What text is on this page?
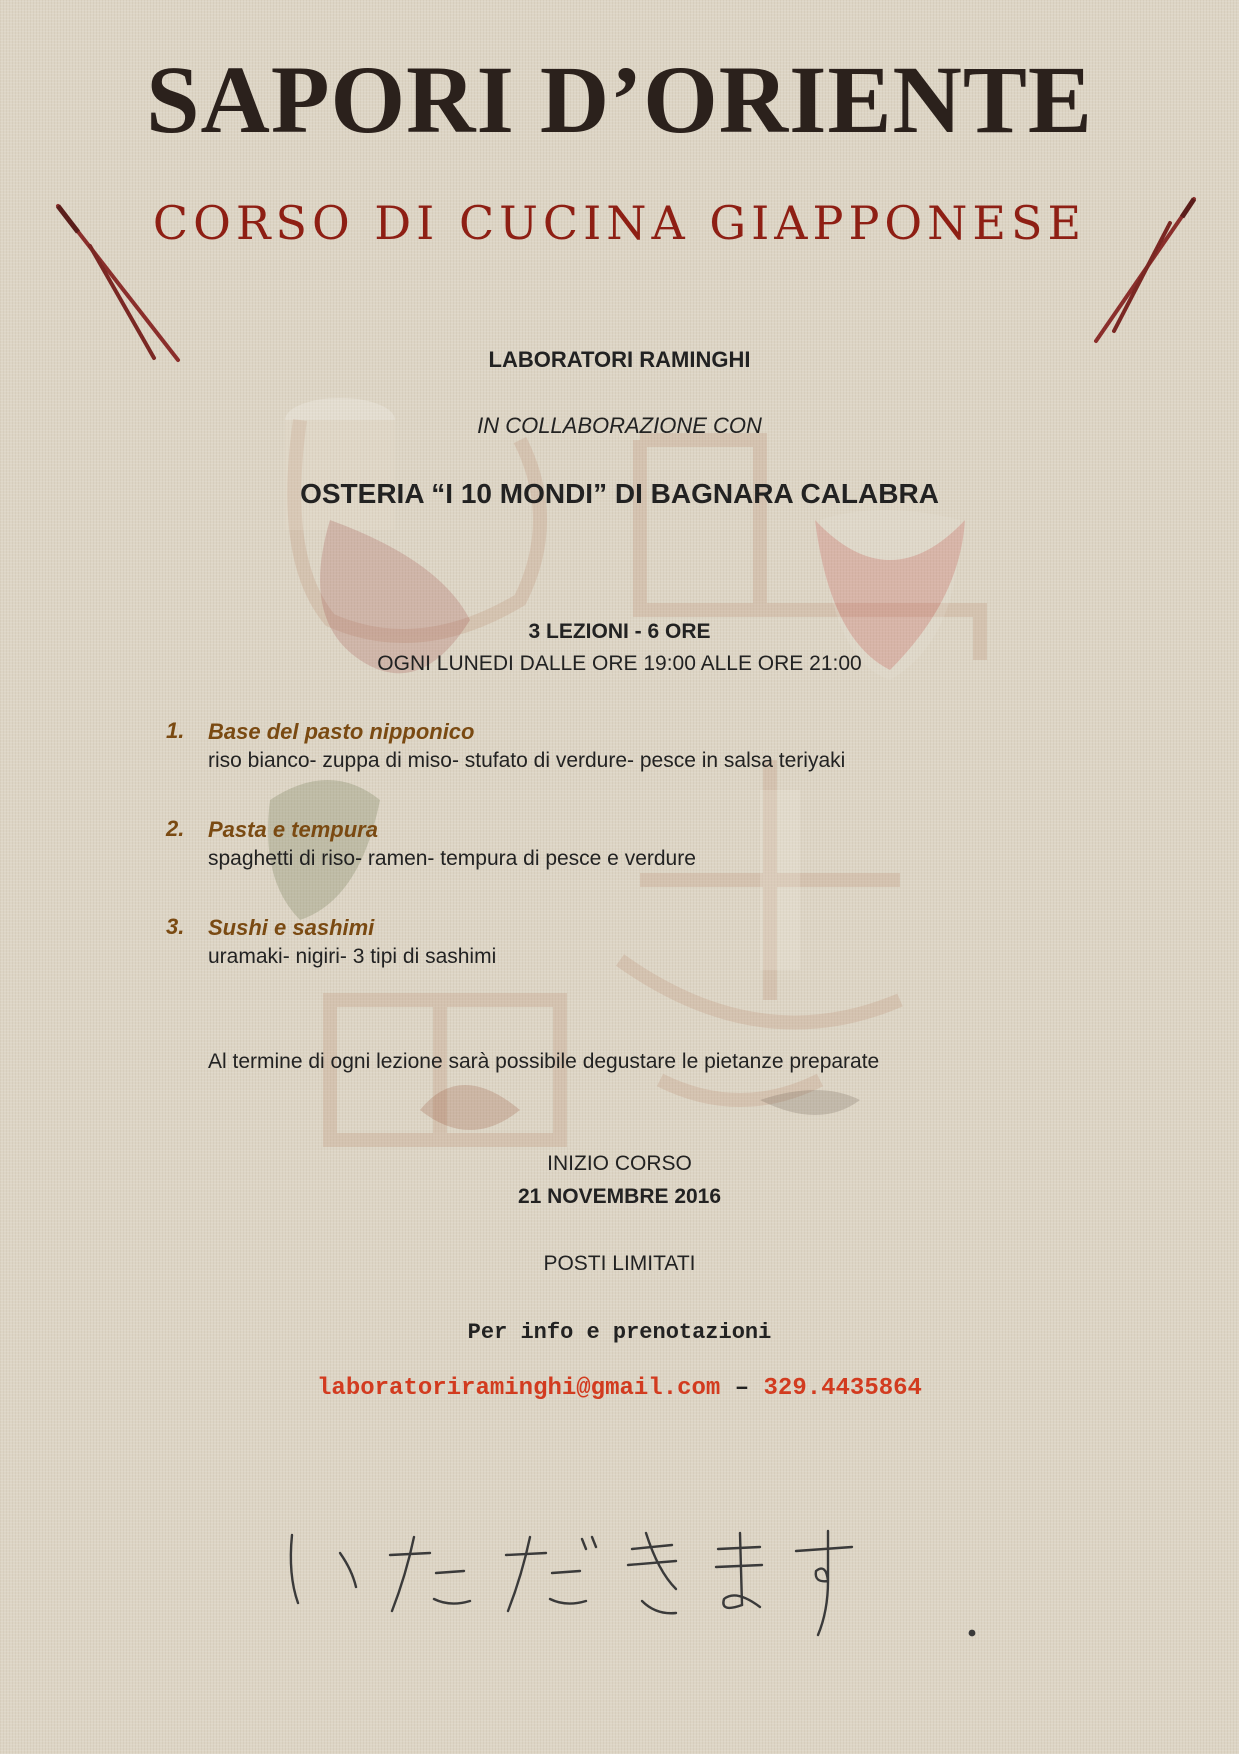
SAPORI D’ORIENTE
CORSO DI CUCINA GIAPPONESE
LABORATORI RAMINGHI
IN COLLABORAZIONE CON
OSTERIA “I 10 MONDI” DI BAGNARA CALABRA
3 LEZIONI - 6 ORE
OGNI LUNEDI DALLE ORE 19:00 ALLE ORE 21:00
1. Base del pasto nipponico
riso bianco- zuppa di miso- stufato di verdure- pesce in salsa teriyaki
2. Pasta e tempura
spaghetti di riso- ramen- tempura di pesce e verdure
3. Sushi e sashimi
uramaki- nigiri- 3 tipi di sashimi
Al termine di ogni lezione sarà possibile degustare le pietanze preparate
INIZIO CORSO
21 NOVEMBRE 2016
POSTI LIMITATI
Per info e prenotazioni
laboratoriraminghi@gmail.com – 329.4435864
